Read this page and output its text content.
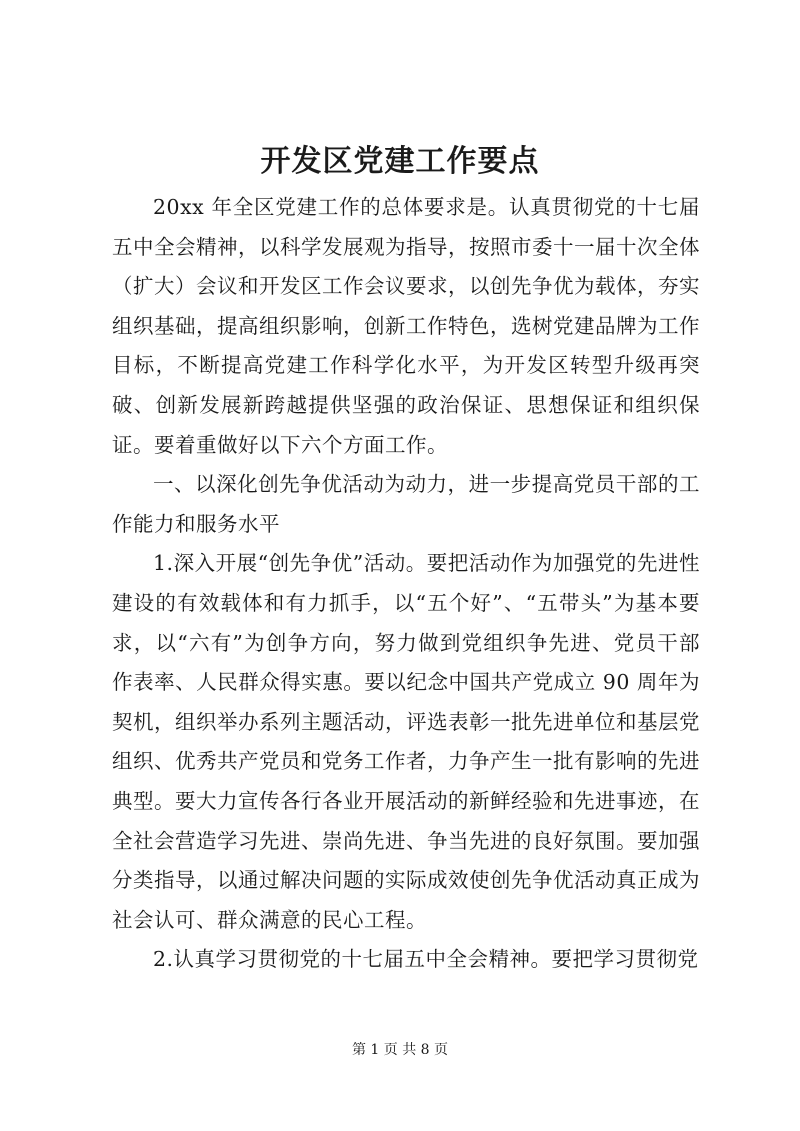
开发区党建工作要点

20xx 年全区党建工作的总体要求是。认真贯彻党的十七届五中全会精神，以科学发展观为指导，按照市委十一届十次全体（扩大）会议和开发区工作会议要求，以创先争优为载体，夯实组织基础，提高组织影响，创新工作特色，选树党建品牌为工作目标，不断提高党建工作科学化水平，为开发区转型升级再突破、创新发展新跨越提供坚强的政治保证、思想保证和组织保证。要着重做好以下六个方面工作。

一、以深化创先争优活动为动力，进一步提高党员干部的工作能力和服务水平

1.深入开展“创先争优”活动。要把活动作为加强党的先进性建设的有效载体和有力抓手，以“五个好”、“五带头”为基本要求，以“六有”为创争方向，努力做到党组织争先进、党员干部作表率、人民群众得实惠。要以纪念中国共产党成立 90 周年为契机，组织举办系列主题活动，评选表彰一批先进单位和基层党组织、优秀共产党员和党务工作者，力争产生一批有影响的先进典型。要大力宣传各行各业开展活动的新鲜经验和先进事迹，在全社会营造学习先进、崇尚先进、争当先进的良好氛围。要加强分类指导，以通过解决问题的实际成效使创先争优活动真正成为社会认可、群众满意的民心工程。

2.认真学习贯彻党的十七届五中全会精神。要把学习贯彻党

第 1 页 共 8 页
